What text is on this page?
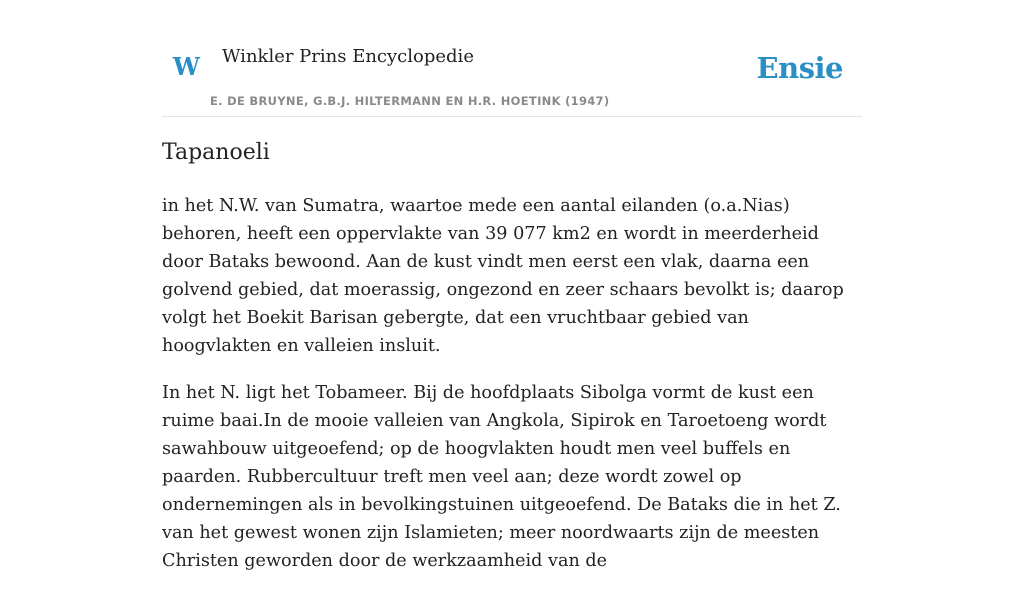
W Winkler Prins Encyclopedie	Ensie
E. DE BRUYNE, G.B.J. HILTERMANN EN H.R. HOETINK (1947)
Tapanoeli

in het N.W. van Sumatra, waartoe mede een aantal eilanden (o.a.Nias) behoren, heeft een oppervlakte van 39 077 km2 en wordt in meerderheid door Bataks bewoond. Aan de kust vindt men eerst een vlak, daarna een golvend gebied, dat moerassig, ongezond en zeer schaars bevolkt is; daarop volgt het Boekit Barisan gebergte, dat een vruchtbaar gebied van hoogvlakten en valleien insluit.

In het N. ligt het Tobameer. Bij de hoofdplaats Sibolga vormt de kust een ruime baai.In de mooie valleien van Angkola, Sipirok en Taroetoeng wordt sawahbouw uitgeoefend; op de hoogvlakten houdt men veel buffels en paarden. Rubbercultuur treft men veel aan; deze wordt zowel op ondernemingen als in bevolkingstuinen uitgeoefend. De Bataks die in het Z. van het gewest wonen zijn Islamieten; meer noordwaarts zijn de meesten Christen geworden door de werkzaamheid van de
